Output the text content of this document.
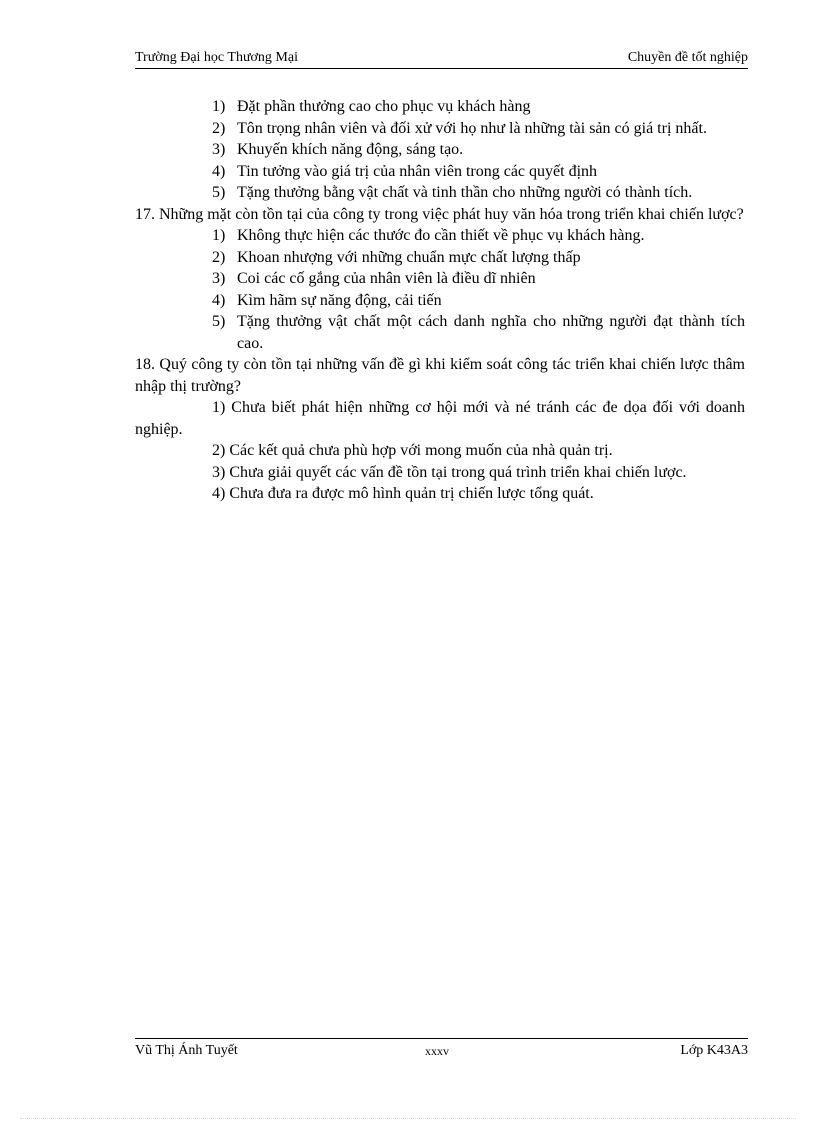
Trường Đại học Thương Mại	Chuyền đề tốt nghiệp
1) Đặt phần thưởng cao cho phục vụ khách hàng
2) Tôn trọng nhân viên và đối xử với họ như là những tài sản có giá trị nhất.
3) Khuyến khích năng động, sáng tạo.
4) Tin tưởng vào giá trị của nhân viên trong các quyết định
5) Tặng thưởng bằng vật chất và tinh thần cho những người có thành tích.

17. Những mặt còn tồn tại của công ty trong việc phát huy văn hóa trong triển khai chiến lược?

1) Không thực hiện các thước đo cần thiết về phục vụ khách hàng.
2) Khoan nhượng với những chuẩn mực chất lượng thấp
3) Coi các cố gắng của nhân viên là điều dĩ nhiên
4) Kìm hãm sự năng động, cải tiến
5) Tặng thưởng vật chất một cách danh nghĩa cho những người đạt thành tích cao.

18. Quý công ty còn tồn tại những vấn đề gì khi kiểm soát công tác triển khai chiến lược thâm nhập thị trường?

1) Chưa biết phát hiện những cơ hội mới và né tránh các đe dọa đối với doanh nghiệp.

2) Các kết quả chưa phù hợp với mong muốn của nhà quản trị.

3) Chưa giải quyết các vấn đề tồn tại trong quá trình triển khai chiến lược.

4) Chưa đưa ra được mô hình quản trị chiến lược tổng quát.

Vũ Thị Ánh Tuyết	xxxv	Lớp K43A3
